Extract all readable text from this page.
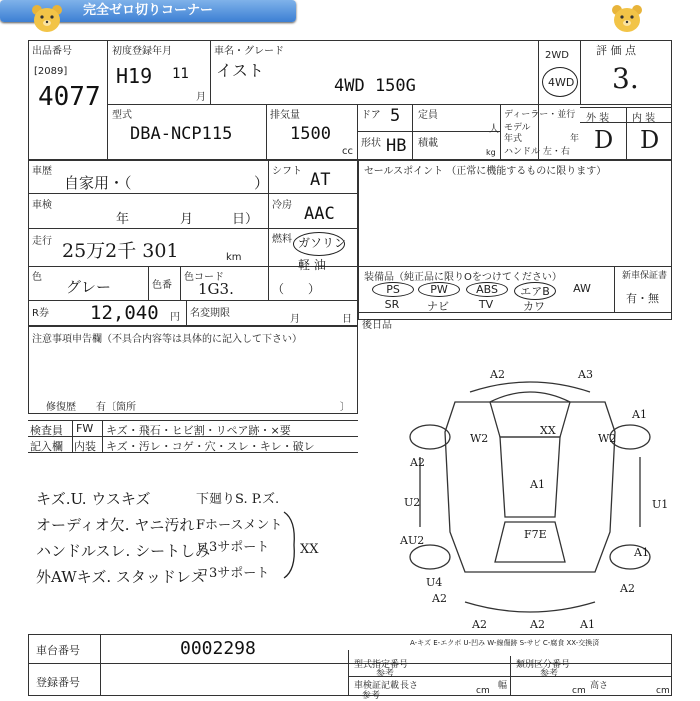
完全ゼロ切りコーナー
出品番号
[2089]
4077
初度登録年月
H19 11
月
車名・グレード
イスト
4WD 150G
2WD
4WD
評 価 点
3.
外 装 内 装
D D
型式
DBA-NCP115
排気量
1500
cc
ドア 5
形状 HB
定員
人
積載
kg
ディーラー・並行
モデル
年式	年
ハンドル 左・右
車歴
自家用・（	）
シフト AT
車検
年	月	日）
冷房 AAC
走行 25万2千 301	km
燃料 ガソリン
軽 油
色
グレー	色番
色コード
1G3.	（　　）
R券 12,040 円 名変期限
月	日
セールスポイント （正常に機能するものに限ります）
装備品（純正品に限りOをつけてください）	新車保証書
有・無
PS	PW	ABS	エアB	AW
SR	ナビ	TV	カワ
後日品
注意事項申告欄（不具合内容等は具体的に記入して下さい）
修復歴　　有〔箇所	〕
検査員
記入欄
FW キズ・飛石・ヒビ割・リペア跡・×要
内装 キズ・汚レ・コゲ・穴・スレ・キレ・破レ
キズ.U. ウスキズ
オーディオ欠. ヤニ汚れ
ハンドルスレ. シートしみ
外AWキズ. スタッドレス
下廻りS. P.ズ.
Fホースメント
ロ3サポート
コ3サポート
XX
A2	A3
A1
W2
XX
W2
A2
A1
U2	U1
AU2
A1
F7E
A2
U4	A2
A2	A2	A1
車台番号	0002298
登録番号
A-キズ E-エクボ U-凹み W-線傷跡 S-サビ C-腐食 XX-交換済
型式指定番号
参考
類別区分番号
参考
車検証記載
参考
長さ	cm 幅	cm 高さ	cm
